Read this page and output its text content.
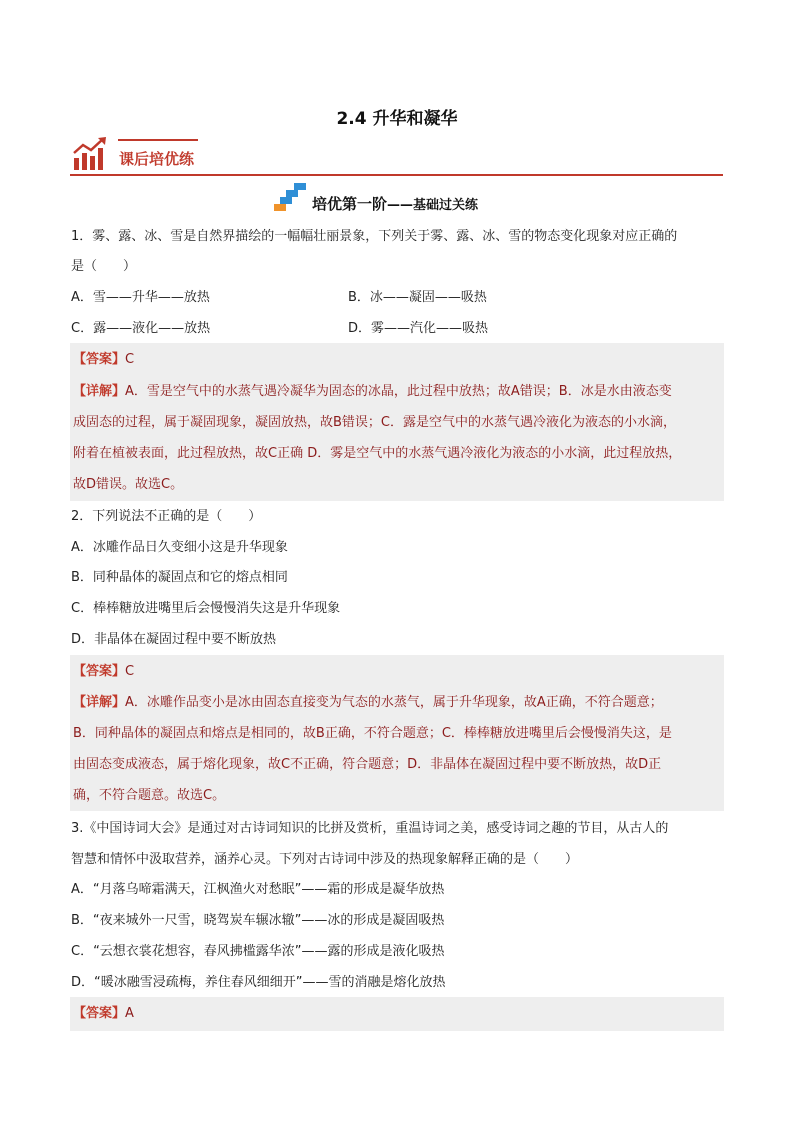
2.4 升华和凝华
课后培优练
培优第一阶——基础过关练
1．雾、露、冰、雪是自然界描绘的一幅幅壮丽景象，下列关于雾、露、冰、雪的物态变化现象对应正确的
是（　　）
A．雪——升华——放热	B．冰——凝固——吸热
C．露——液化——放热	D．雾——汽化——吸热
【答案】C
【详解】A．雪是空气中的水蒸气遇冷凝华为固态的冰晶，此过程中放热；故A错误；B．冰是水由液态变
成固态的过程，属于凝固现象，凝固放热，故B错误；C．露是空气中的水蒸气遇冷液化为液态的小水滴，
附着在植被表面，此过程放热，故C正确 D．雾是空气中的水蒸气遇冷液化为液态的小水滴，此过程放热，
故D错误。故选C。
2．下列说法不正确的是（　　）
A．冰雕作品日久变细小这是升华现象
B．同种晶体的凝固点和它的熔点相同
C．棒棒糖放进嘴里后会慢慢消失这是升华现象
D．非晶体在凝固过程中要不断放热
【答案】C
【详解】A．冰雕作品变小是冰由固态直接变为气态的水蒸气，属于升华现象，故A正确，不符合题意；
B．同种晶体的凝固点和熔点是相同的，故B正确，不符合题意；C．棒棒糖放进嘴里后会慢慢消失这，是
由固态变成液态，属于熔化现象，故C不正确，符合题意；D．非晶体在凝固过程中要不断放热，故D正
确，不符合题意。故选C。
3.《中国诗词大会》是通过对古诗词知识的比拼及赏析，重温诗词之美，感受诗词之趣的节目，从古人的
智慧和情怀中汲取营养，涵养心灵。下列对古诗词中涉及的热现象解释正确的是（　　）
A．“月落乌啼霜满天，江枫渔火对愁眠”——霜的形成是凝华放热
B．“夜来城外一尺雪，晓驾炭车辗冰辙”——冰的形成是凝固吸热
C．“云想衣裳花想容，春风拂槛露华浓”——露的形成是液化吸热
D．“暖冰融雪浸疏梅，养住春风细细开”——雪的消融是熔化放热
【答案】A
